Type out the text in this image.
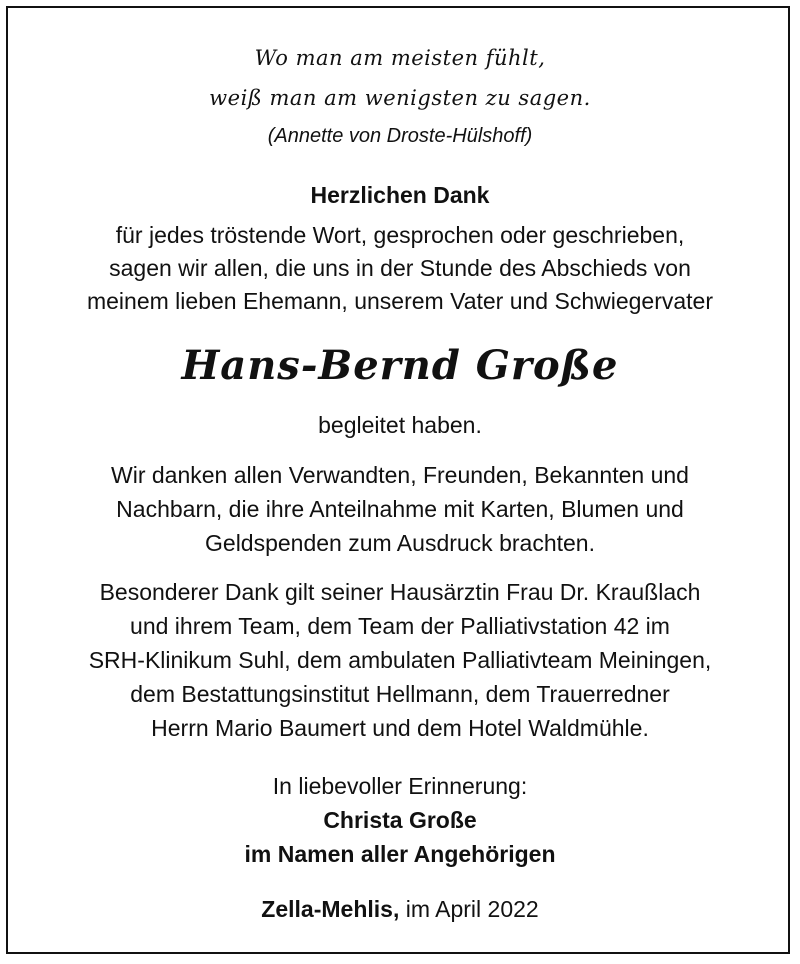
Wo man am meisten fühlt,
weiß man am wenigsten zu sagen.
(Annette von Droste-Hülshoff)
Herzlichen Dank
für jedes tröstende Wort, gesprochen oder geschrieben,
sagen wir allen, die uns in der Stunde des Abschieds von
meinem lieben Ehemann, unserem Vater und Schwiegervater
Hans-Bernd Große
begleitet haben.
Wir danken allen Verwandten, Freunden, Bekannten und
Nachbarn, die ihre Anteilnahme mit Karten, Blumen und
Geldspenden zum Ausdruck brachten.
Besonderer Dank gilt seiner Hausärztin Frau Dr. Kraußlach
und ihrem Team, dem Team der Palliativstation 42 im
SRH-Klinikum Suhl, dem ambulaten Palliativteam Meiningen,
dem Bestattungsinstitut Hellmann, dem Trauerredner
Herrn Mario Baumert und dem Hotel Waldmühle.
In liebevoller Erinnerung:
Christa Große
im Namen aller Angehörigen
Zella-Mehlis, im April 2022
